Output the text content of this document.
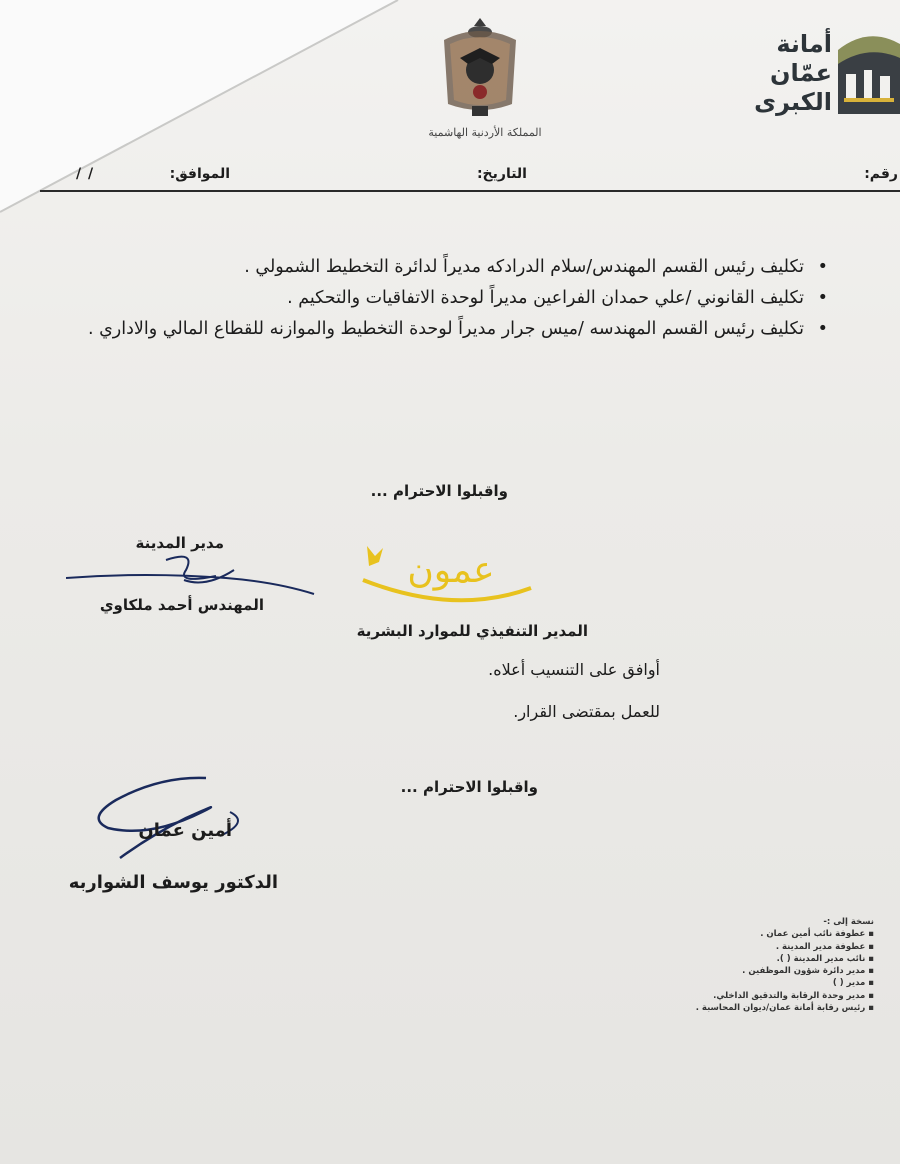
المملكة الأردنية الهاشمية
أمانة
عمّان
الكبرى
رقم:
التاريخ:
الموافق:
/ /
•
تكليف رئيس القسم المهندس/سلام الدرادكه مديراً لدائرة التخطيط الشمولي .
•
تكليف القانوني /علي حمدان الفراعين مديراً لوحدة الاتفاقيات والتحكيم .
•
تكليف رئيس القسم المهندسه /ميس جرار مديراً لوحدة التخطيط والموازنه للقطاع المالي والاداري .
واقبلوا الاحترام ...
مدير المدينة
المهندس أحمد ملكاوي
عمون
المدير التنفيذي للموارد البشرية
أوافق على التنسيب أعلاه.
للعمل بمقتضى القرار.
واقبلوا الاحترام ...
أمين عمان
الدكتور يوسف الشواربه
نسخة إلى :-
▪ عطوفة نائب أمين عمان .
▪ عطوفة مدير المدينة .
▪ نائب مدير المدينة ( ).
▪ مدير دائرة شؤون الموظفين .
▪ مدير ( )
▪ مدير وحدة الرقابة والتدقيق الداخلي.
▪ رئيس رقابة أمانة عمان/ديوان المحاسبة .
